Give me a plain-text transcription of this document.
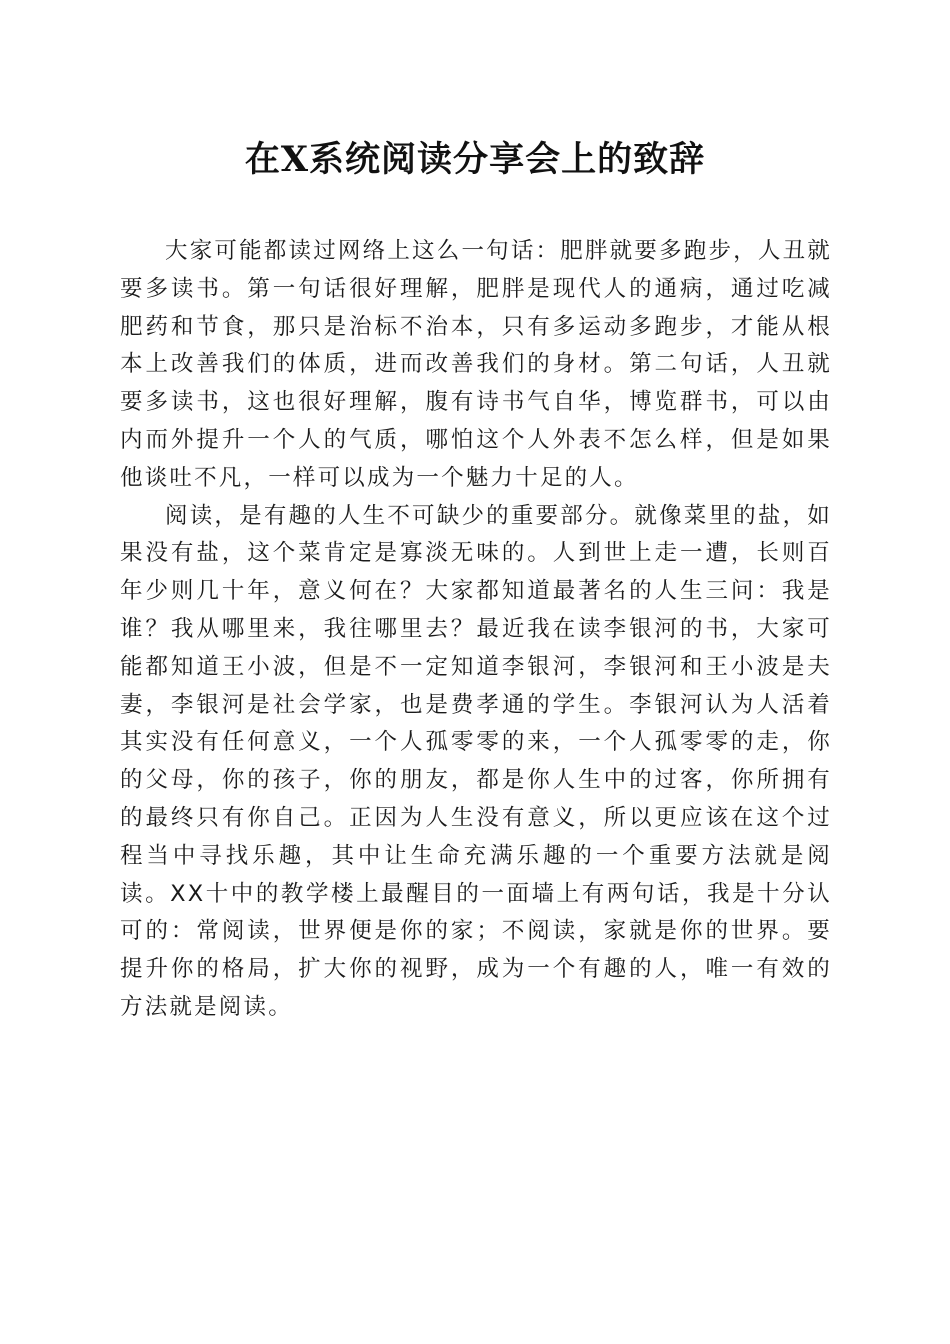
在X系统阅读分享会上的致辞

大家可能都读过网络上这么一句话：肥胖就要多跑步，人丑就要多读书。第一句话很好理解，肥胖是现代人的通病，通过吃减肥药和节食，那只是治标不治本，只有多运动多跑步，才能从根本上改善我们的体质，进而改善我们的身材。第二句话，人丑就要多读书，这也很好理解，腹有诗书气自华，博览群书，可以由内而外提升一个人的气质，哪怕这个人外表不怎么样，但是如果他谈吐不凡，一样可以成为一个魅力十足的人。

阅读，是有趣的人生不可缺少的重要部分。就像菜里的盐，如果没有盐，这个菜肯定是寡淡无味的。人到世上走一遭，长则百年少则几十年，意义何在？大家都知道最著名的人生三问：我是谁？我从哪里来，我往哪里去？最近我在读李银河的书，大家可能都知道王小波，但是不一定知道李银河，李银河和王小波是夫妻，李银河是社会学家，也是费孝通的学生。李银河认为人活着其实没有任何意义，一个人孤零零的来，一个人孤零零的走，你的父母，你的孩子，你的朋友，都是你人生中的过客，你所拥有的最终只有你自己。正因为人生没有意义，所以更应该在这个过程当中寻找乐趣，其中让生命充满乐趣的一个重要方法就是阅读。XX十中的教学楼上最醒目的一面墙上有两句话，我是十分认可的：常阅读，世界便是你的家；不阅读，家就是你的世界。要提升你的格局，扩大你的视野，成为一个有趣的人，唯一有效的方法就是阅读。
